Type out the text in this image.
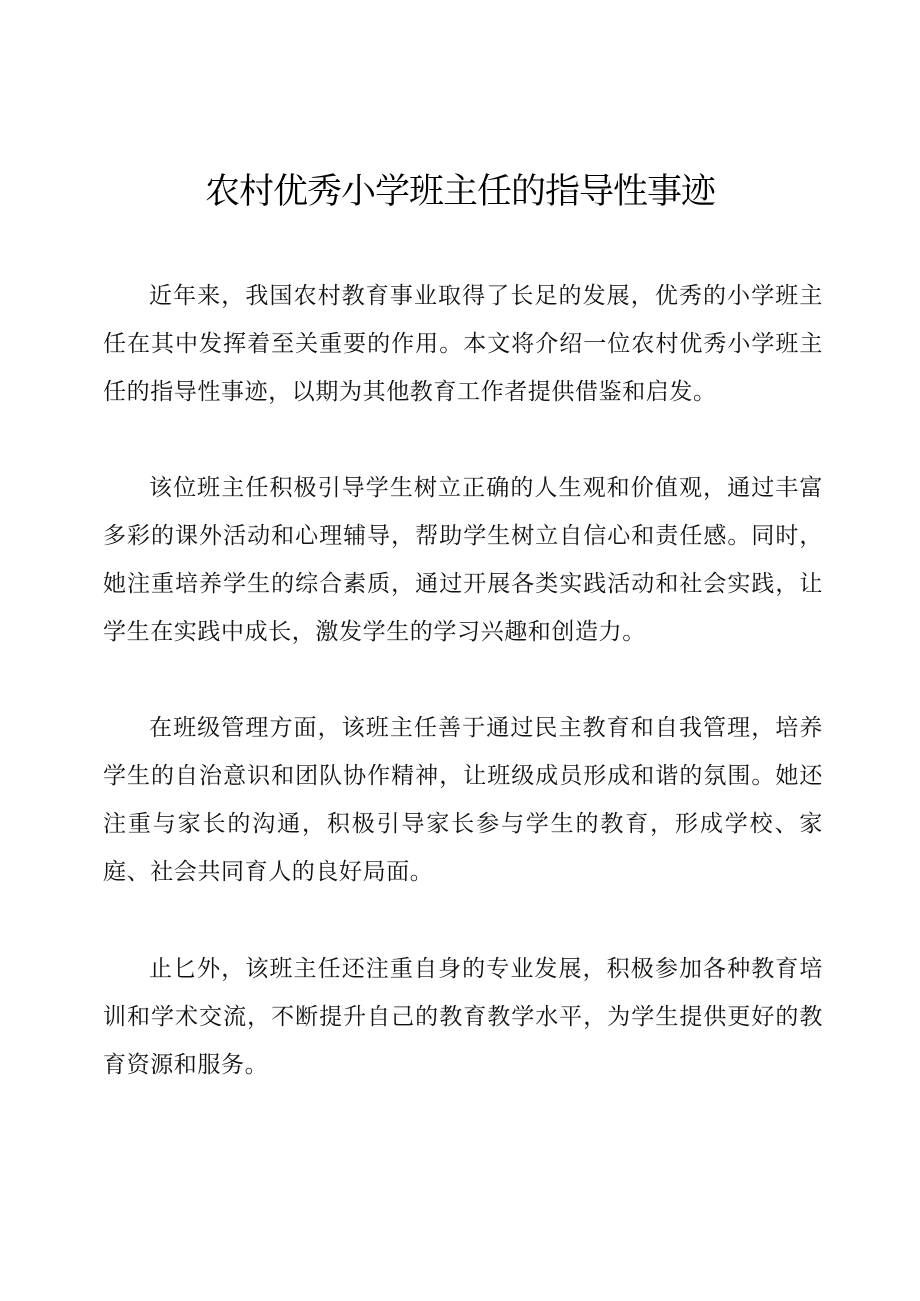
农村优秀小学班主任的指导性事迹

近年来，我国农村教育事业取得了长足的发展，优秀的小学班主任在其中发挥着至关重要的作用。本文将介绍一位农村优秀小学班主任的指导性事迹，以期为其他教育工作者提供借鉴和启发。

该位班主任积极引导学生树立正确的人生观和价值观，通过丰富多彩的课外活动和心理辅导，帮助学生树立自信心和责任感。同时，她注重培养学生的综合素质，通过开展各类实践活动和社会实践，让学生在实践中成长，激发学生的学习兴趣和创造力。

在班级管理方面，该班主任善于通过民主教育和自我管理，培养学生的自治意识和团队协作精神，让班级成员形成和谐的氛围。她还注重与家长的沟通，积极引导家长参与学生的教育，形成学校、家庭、社会共同育人的良好局面。

止匕外，该班主任还注重自身的专业发展，积极参加各种教育培训和学术交流，不断提升自己的教育教学水平，为学生提供更好的教育资源和服务。
